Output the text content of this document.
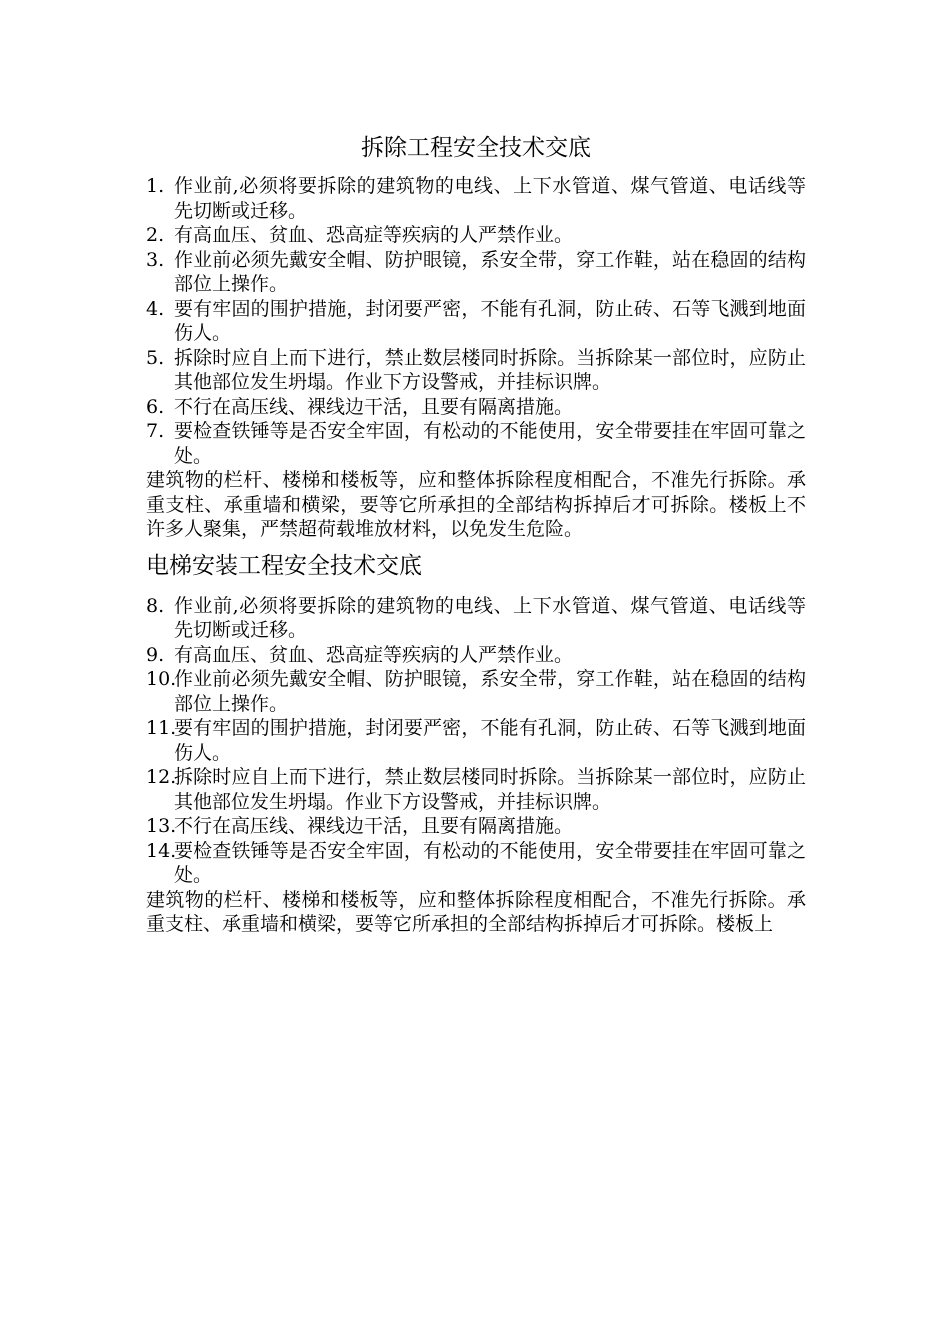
拆除工程安全技术交底
1. 作业前,必须将要拆除的建筑物的电线、上下水管道、煤气管道、电话线等先切断或迁移。
2. 有高血压、贫血、恐高症等疾病的人严禁作业。
3. 作业前必须先戴安全帽、防护眼镜，系安全带，穿工作鞋，站在稳固的结构部位上操作。
4. 要有牢固的围护措施，封闭要严密，不能有孔洞，防止砖、石等飞溅到地面伤人。
5. 拆除时应自上而下进行，禁止数层楼同时拆除。当拆除某一部位时，应防止其他部位发生坍塌。作业下方设警戒，并挂标识牌。
6. 不行在高压线、裸线边干活，且要有隔离措施。
7. 要检查铁锤等是否安全牢固，有松动的不能使用，安全带要挂在牢固可靠之处。

建筑物的栏杆、楼梯和楼板等，应和整体拆除程度相配合，不准先行拆除。承重支柱、承重墙和横梁，要等它所承担的全部结构拆掉后才可拆除。楼板上不许多人聚集，严禁超荷载堆放材料，以免发生危险。

电梯安装工程安全技术交底
8. 作业前,必须将要拆除的建筑物的电线、上下水管道、煤气管道、电话线等先切断或迁移。
9. 有高血压、贫血、恐高症等疾病的人严禁作业。
10.
作业前必须先戴安全帽、防护眼镜，系安全带，穿工作鞋，站在稳固的结构部位上操作。
11.
要有牢固的围护措施，封闭要严密，不能有孔洞，防止砖、石等飞溅到地面伤人。
12.
拆除时应自上而下进行，禁止数层楼同时拆除。当拆除某一部位时，应防止其他部位发生坍塌。作业下方设警戒，并挂标识牌。
13.
不行在高压线、裸线边干活，且要有隔离措施。
14.
要检查铁锤等是否安全牢固，有松动的不能使用，安全带要挂在牢固可靠之处。

建筑物的栏杆、楼梯和楼板等，应和整体拆除程度相配合，不准先行拆除。承重支柱、承重墙和横梁，要等它所承担的全部结构拆掉后才可拆除。楼板上
